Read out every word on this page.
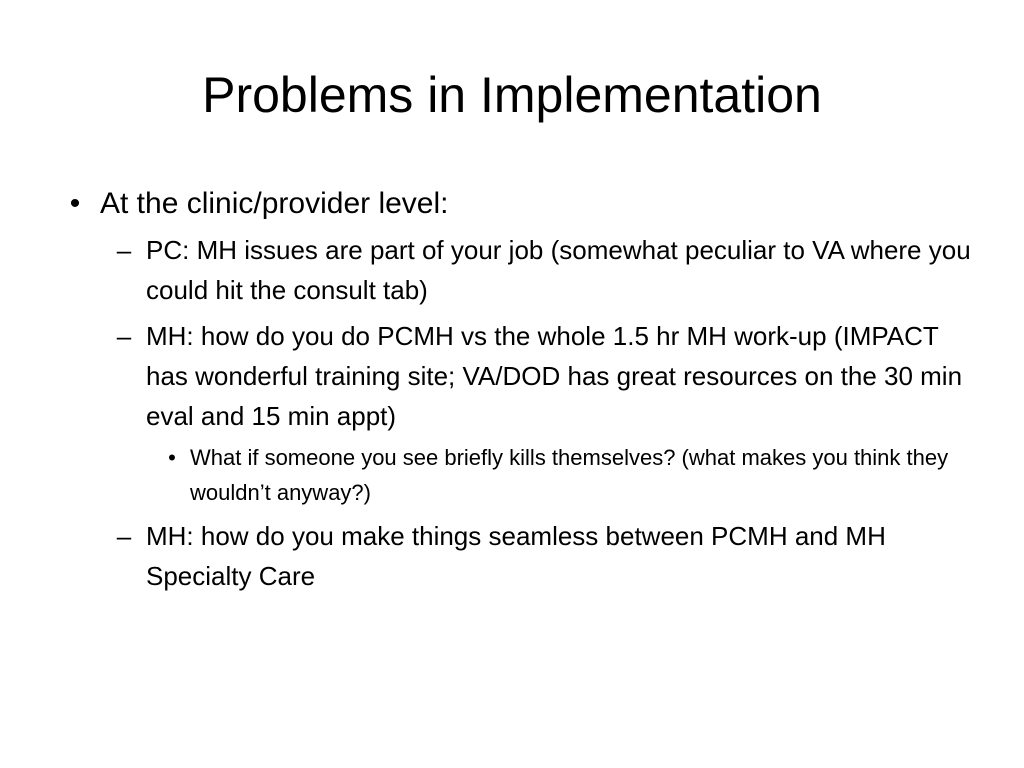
Problems in Implementation
• At the clinic/provider level:
– PC: MH issues are part of your job (somewhat peculiar to VA where you could hit the consult tab)
– MH: how do you do PCMH vs the whole 1.5 hr MH work-up (IMPACT has wonderful training site; VA/DOD has great resources on the 30 min eval and 15 min appt)
• What if someone you see briefly kills themselves? (what makes you think they wouldn’t anyway?)
– MH: how do you make things seamless between PCMH and MH Specialty Care
